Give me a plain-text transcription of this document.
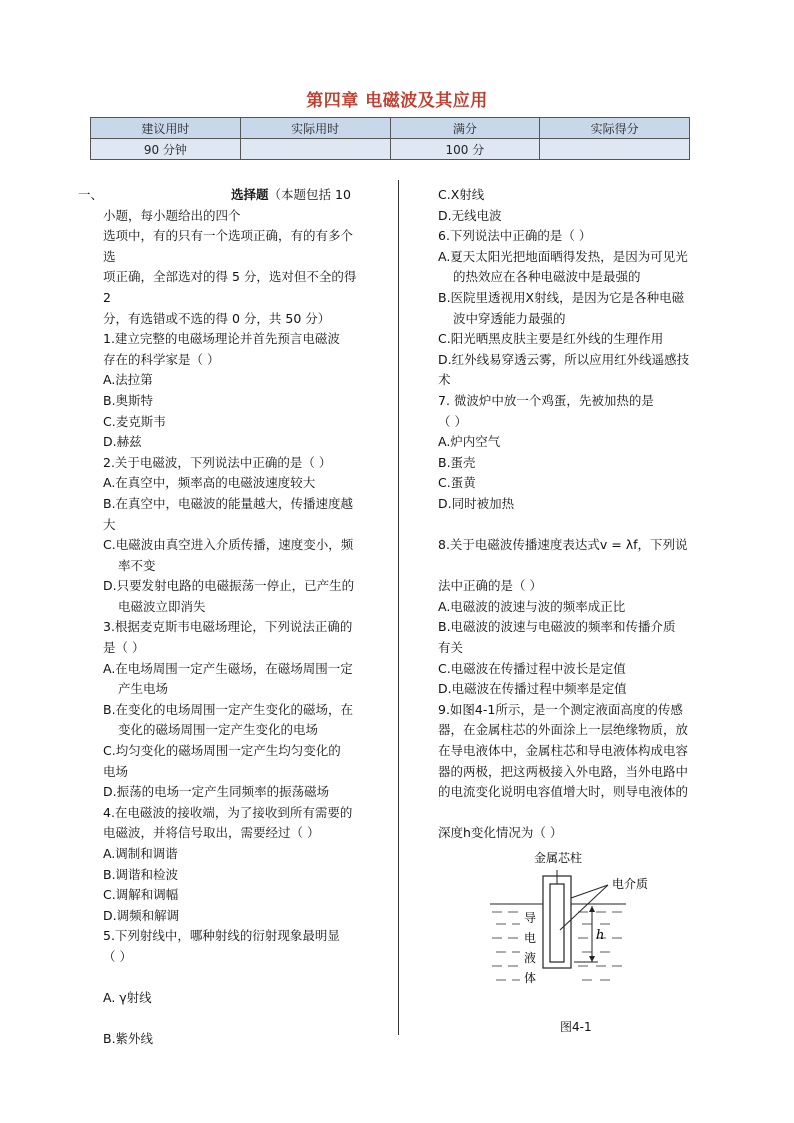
第四章 电磁波及其应用
建议用时	实际用时	满分	实际得分
90 分钟		100 分	
一、	选择题（本题包括 10

小题，每小题给出的四个

选项中，有的只有一个选项正确，有的有多个

选

项正确，全部选对的得 5 分，选对但不全的得

2

分，有选错或不选的得 0 分，共 50 分）

1.建立完整的电磁场理论并首先预言电磁波

存在的科学家是（ ）

A.法拉第

B.奥斯特

C.麦克斯韦

D.赫兹

2.关于电磁波，下列说法中正确的是（ ）

A.在真空中，频率高的电磁波速度较大

B.在真空中，电磁波的能量越大，传播速度越

大

C.电磁波由真空进入介质传播，速度变小，频

率不变

D.只要发射电路的电磁振荡一停止，已产生的

电磁波立即消失

3.根据麦克斯韦电磁场理论，下列说法正确的

是（ ）

A.在电场周围一定产生磁场，在磁场周围一定

产生电场

B.在变化的电场周围一定产生变化的磁场，在

变化的磁场周围一定产生变化的电场

C.均匀变化的磁场周围一定产生均匀变化的

电场

D.振荡的电场一定产生同频率的振荡磁场

4.在电磁波的接收端，为了接收到所有需要的

电磁波，并将信号取出，需要经过（ ）

A.调制和调谐

B.调谐和检波

C.调解和调幅

D.调频和解调

5.下列射线中，哪种射线的衍射现象最明显

（ ）

A. γ射线

B.紫外线

C.X射线

D.无线电波

6.下列说法中正确的是（ ）

A.夏天太阳光把地面晒得发热，是因为可见光

的热效应在各种电磁波中是最强的

B.医院里透视用X射线，是因为它是各种电磁

波中穿透能力最强的

C.阳光晒黑皮肤主要是红外线的生理作用

D.红外线易穿透云雾，所以应用红外线遥感技

术

7. 微波炉中放一个鸡蛋，先被加热的是

（ ）

A.炉内空气

B.蛋壳

C.蛋黄

D.同时被加热

8.关于电磁波传播速度表达式v = λf，下列说

法中正确的是（ ）

A.电磁波的波速与波的频率成正比

B.电磁波的波速与电磁波的频率和传播介质

有关

C.电磁波在传播过程中波长是定值

D.电磁波在传播过程中频率是定值

9.如图4-1所示，是一个测定液面高度的传感

器，在金属柱芯的外面涂上一层绝缘物质，放

在导电液体中，金属柱芯和导电液体构成电容

器的两极，把这两极接入外电路，当外电路中

的电流变化说明电容值增大时，则导电液体的

深度h变化情况为（ ）

金属芯柱
电介质
h
导
电
液
体
图4-1
